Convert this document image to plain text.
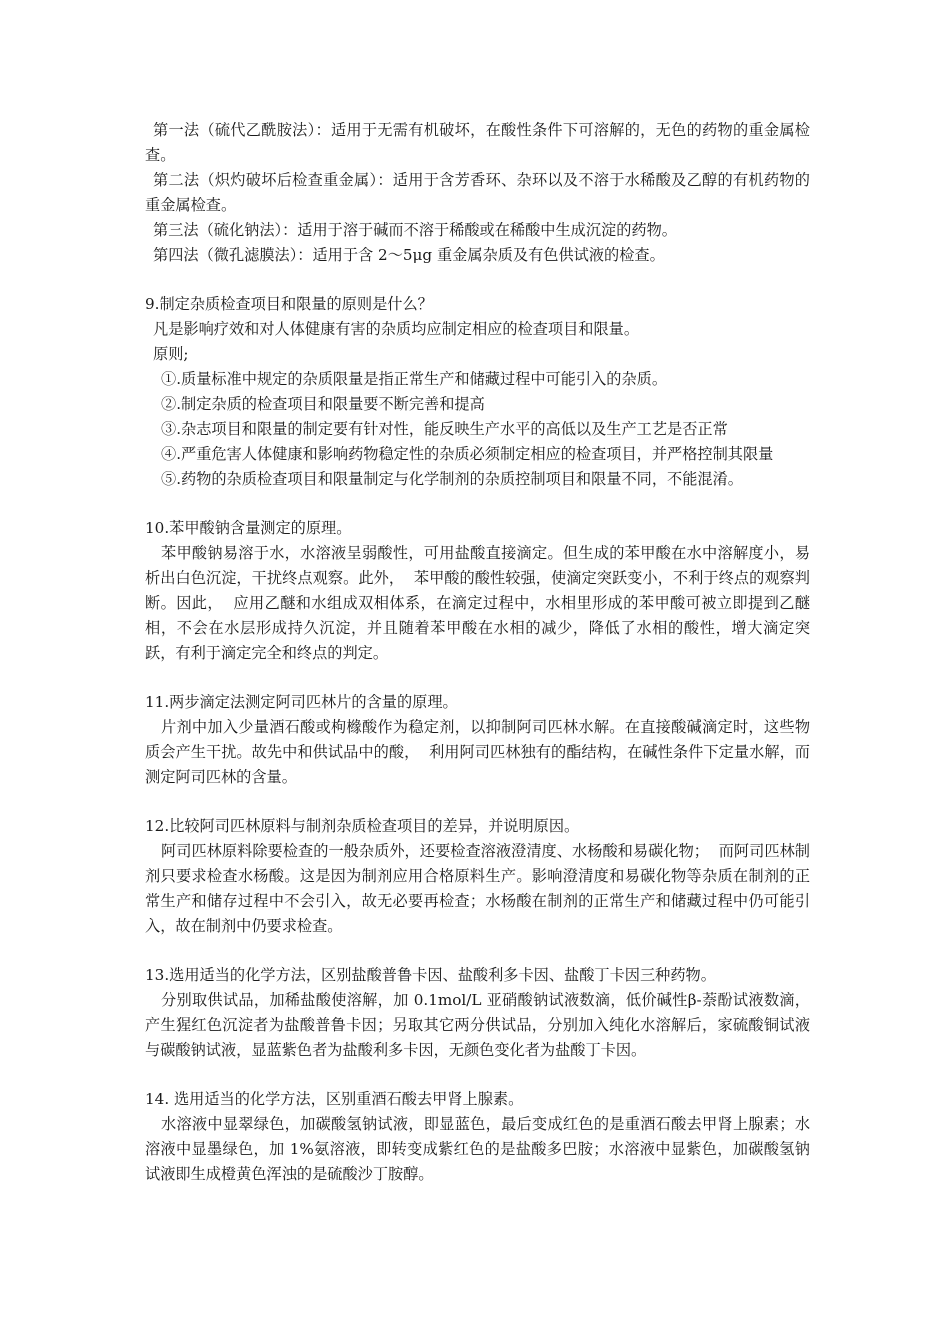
第一法（硫代乙酰胺法）：适用于无需有机破坏，在酸性条件下可溶解的，无色的药物的重金属检查。

第二法（炽灼破坏后检查重金属）：适用于含芳香环、杂环以及不溶于水稀酸及乙醇的有机药物的重金属检查。

第三法（硫化钠法）：适用于溶于碱而不溶于稀酸或在稀酸中生成沉淀的药物。

第四法（微孔滤膜法）：适用于含 2～5μg 重金属杂质及有色供试液的检查。

9.制定杂质检查项目和限量的原则是什么？

凡是影响疗效和对人体健康有害的杂质均应制定相应的检查项目和限量。

原则;

①.质量标准中规定的杂质限量是指正常生产和储藏过程中可能引入的杂质。

②.制定杂质的检查项目和限量要不断完善和提高

③.杂志项目和限量的制定要有针对性，能反映生产水平的高低以及生产工艺是否正常

④.严重危害人体健康和影响药物稳定性的杂质必须制定相应的检查项目，并严格控制其限量

⑤.药物的杂质检查项目和限量制定与化学制剂的杂质控制项目和限量不同，不能混淆。

10.苯甲酸钠含量测定的原理。

苯甲酸钠易溶于水，水溶液呈弱酸性，可用盐酸直接滴定。但生成的苯甲酸在水中溶解度小，易析出白色沉淀，干扰终点观察。此外，  苯甲酸的酸性较强，使滴定突跃变小，不利于终点的观察判断。因此，  应用乙醚和水组成双相体系，在滴定过程中，水相里形成的苯甲酸可被立即提到乙醚相，不会在水层形成持久沉淀，并且随着苯甲酸在水相的减少，降低了水相的酸性，增大滴定突跃，有利于滴定完全和终点的判定。

11.两步滴定法测定阿司匹林片的含量的原理。

片剂中加入少量酒石酸或枸橼酸作为稳定剂，以抑制阿司匹林水解。在直接酸碱滴定时，这些物质会产生干扰。故先中和供试品中的酸，  利用阿司匹林独有的酯结构，在碱性条件下定量水解，而测定阿司匹林的含量。

12.比较阿司匹林原料与制剂杂质检查项目的差异，并说明原因。

阿司匹林原料除要检查的一般杂质外，还要检查溶液澄清度、水杨酸和易碳化物；  而阿司匹林制剂只要求检查水杨酸。这是因为制剂应用合格原料生产。影响澄清度和易碳化物等杂质在制剂的正常生产和储存过程中不会引入，故无必要再检查；水杨酸在制剂的正常生产和储藏过程中仍可能引入，故在制剂中仍要求检查。

13.选用适当的化学方法，区别盐酸普鲁卡因、盐酸利多卡因、盐酸丁卡因三种药物。

分别取供试品，加稀盐酸使溶解，加 0.1mol/L 亚硝酸钠试液数滴，低价碱性β-萘酚试液数滴，产生猩红色沉淀者为盐酸普鲁卡因；另取其它两分供试品，分别加入纯化水溶解后，家硫酸铜试液与碳酸钠试液，显蓝紫色者为盐酸利多卡因，无颜色变化者为盐酸丁卡因。

14. 选用适当的化学方法，区别重酒石酸去甲肾上腺素。

水溶液中显翠绿色，加碳酸氢钠试液，即显蓝色，最后变成红色的是重酒石酸去甲肾上腺素；水溶液中显墨绿色，加 1%氨溶液，即转变成紫红色的是盐酸多巴胺；水溶液中显紫色，加碳酸氢钠试液即生成橙黄色浑浊的是硫酸沙丁胺醇。
